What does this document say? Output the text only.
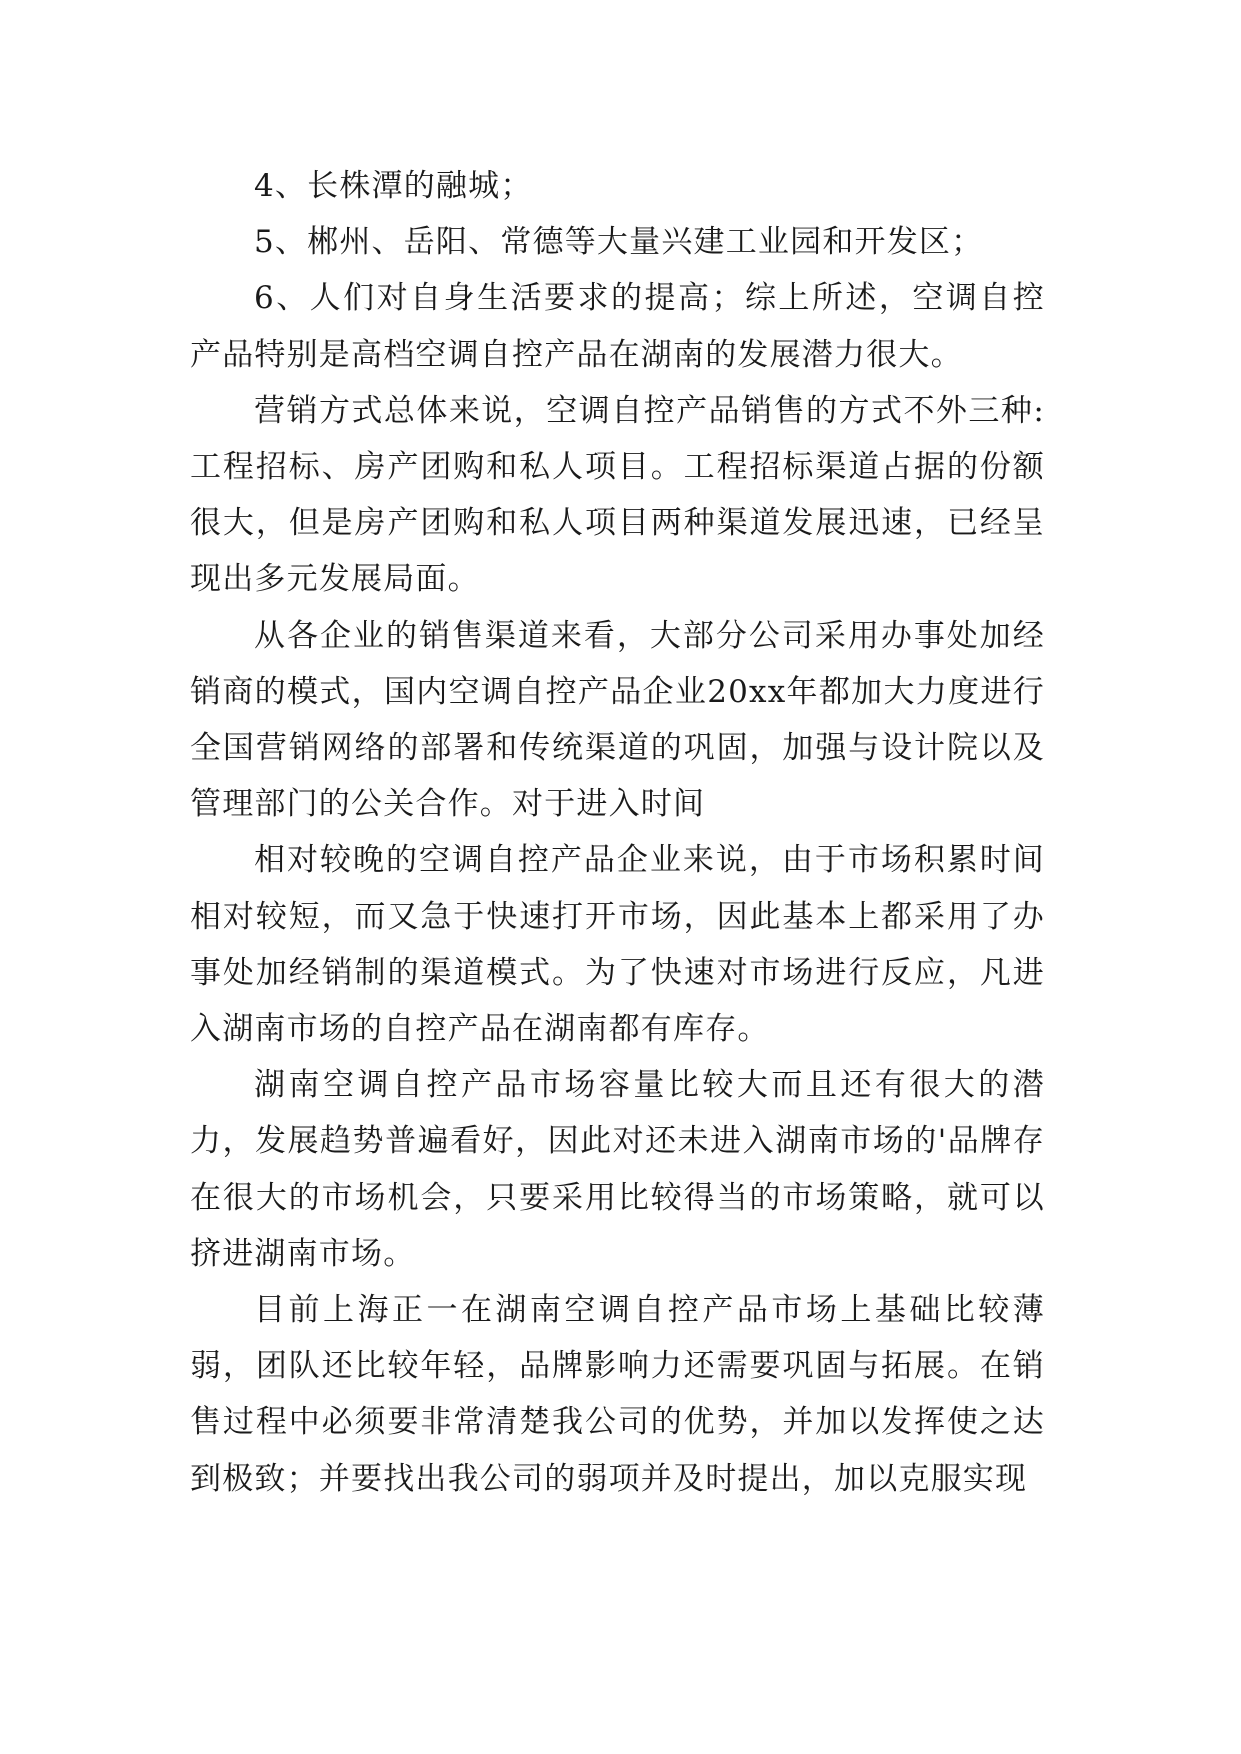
4、长株潭的融城；

5、郴州、岳阳、常德等大量兴建工业园和开发区；

6、人们对自身生活要求的提高；综上所述，空调自控产品特别是高档空调自控产品在湖南的发展潜力很大。

营销方式总体来说，空调自控产品销售的方式不外三种:工程招标、房产团购和私人项目。工程招标渠道占据的份额很大，但是房产团购和私人项目两种渠道发展迅速，已经呈现出多元发展局面。

从各企业的销售渠道来看，大部分公司采用办事处加经销商的模式，国内空调自控产品企业20xx年都加大力度进行全国营销网络的部署和传统渠道的巩固，加强与设计院以及管理部门的公关合作。对于进入时间

相对较晚的空调自控产品企业来说，由于市场积累时间相对较短，而又急于快速打开市场，因此基本上都采用了办事处加经销制的渠道模式。为了快速对市场进行反应，凡进入湖南市场的自控产品在湖南都有库存。

湖南空调自控产品市场容量比较大而且还有很大的潜力，发展趋势普遍看好，因此对还未进入湖南市场的'品牌存在很大的市场机会，只要采用比较得当的市场策略，就可以挤进湖南市场。

目前上海正一在湖南空调自控产品市场上基础比较薄弱，团队还比较年轻，品牌影响力还需要巩固与拓展。在销售过程中必须要非常清楚我公司的优势，并加以发挥使之达到极致；并要找出我公司的弱项并及时提出，加以克服实现
